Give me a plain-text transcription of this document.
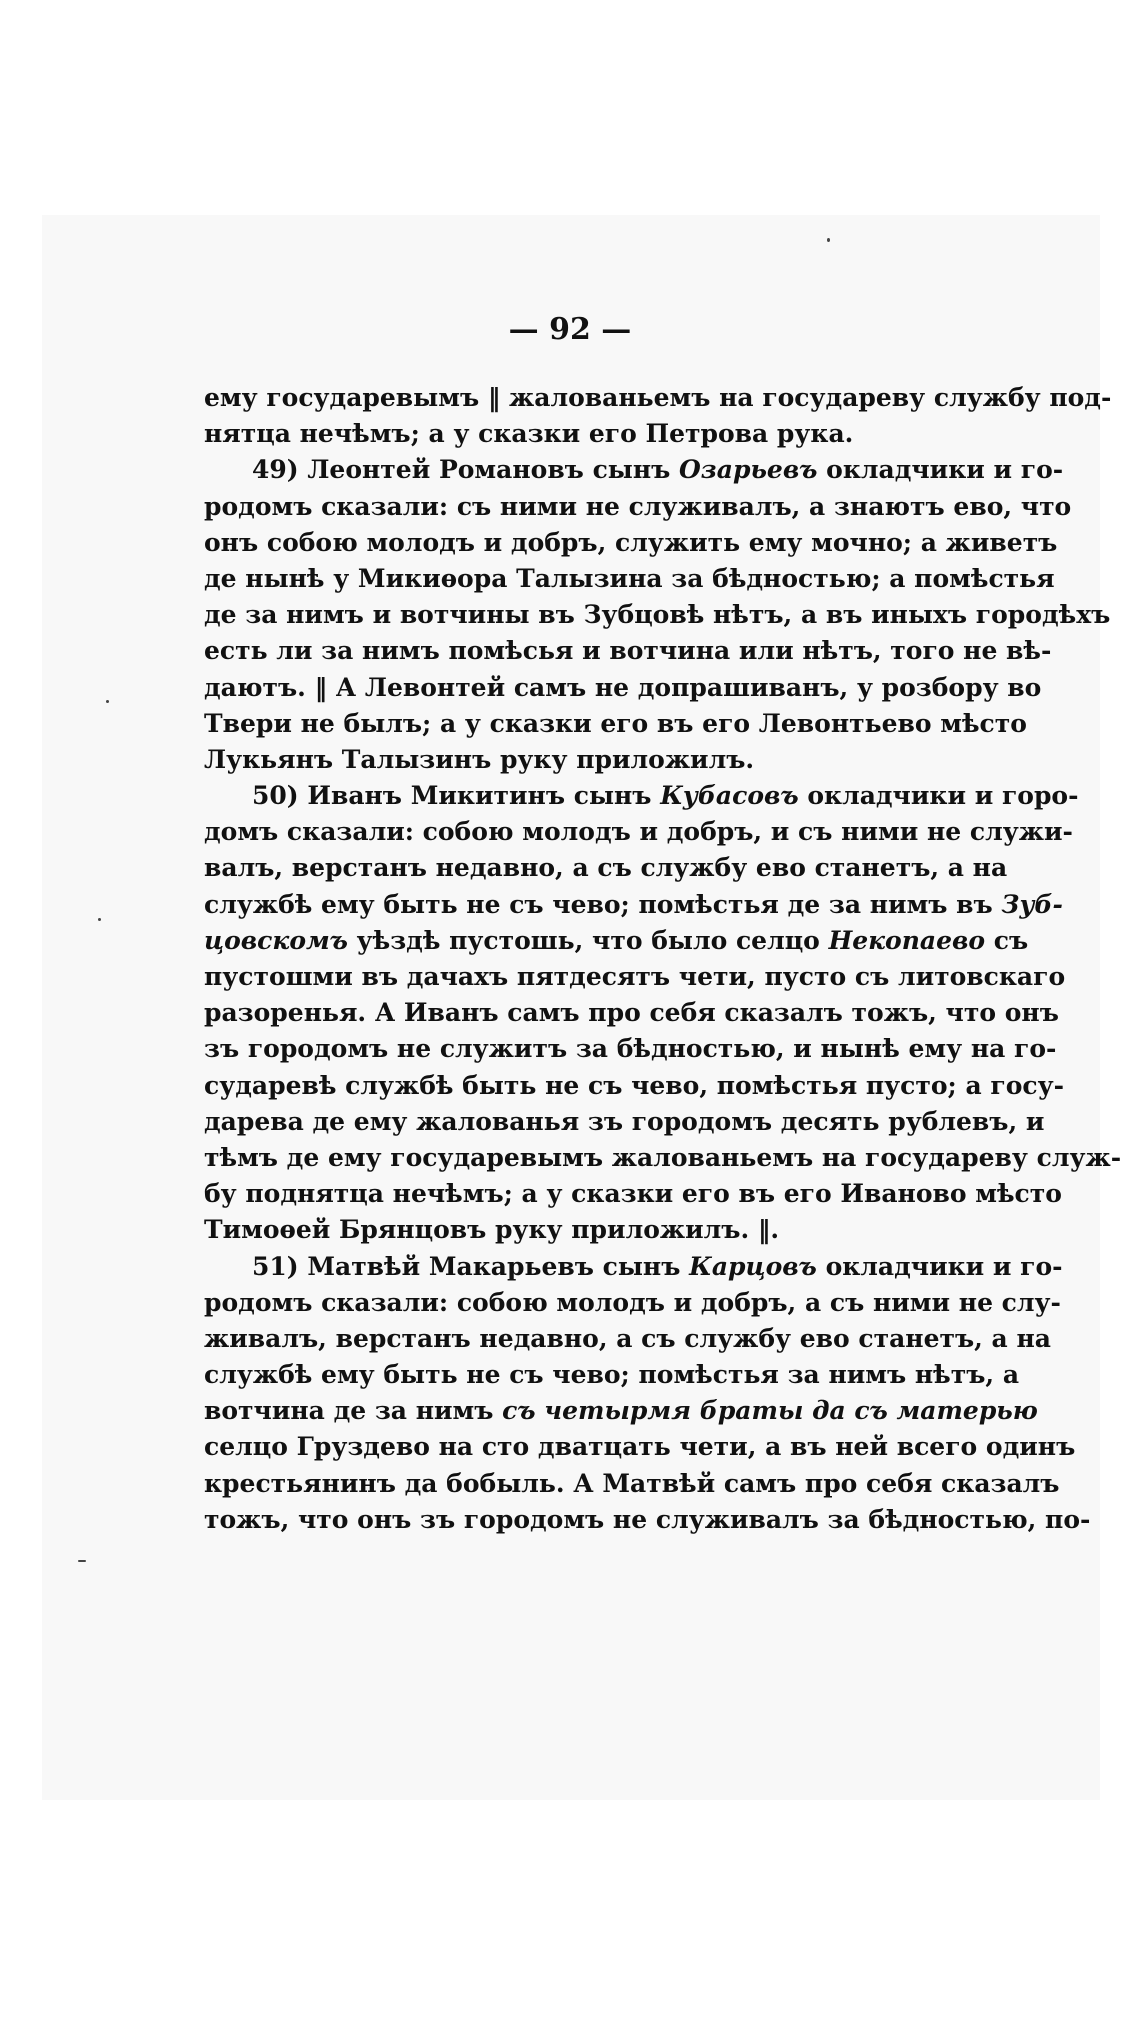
— 92 —
ему государевымъ ‖ жалованьемъ на государеву службу под-
нятца нечѣмъ; а у сказки его Петрова рука.
49) Леонтей Романовъ сынъ Озарьевъ окладчики и го-
родомъ сказали: съ ними не служивалъ, а знаютъ ево, что
онъ собою молодъ и добръ, служить ему мочно; а живетъ
де нынѣ у Микиѳора Талызина за бѣдностью; а помѣстья
де за нимъ и вотчины въ Зубцовѣ нѣтъ, а въ иныхъ городѣхъ
есть ли за нимъ помѣсья и вотчина или нѣтъ, того не вѣ-
даютъ. ‖ А Левонтей самъ не допрашиванъ, у розбору во
Твери не былъ; а у сказки его въ его Левонтьево мѣсто
Лукьянъ Талызинъ руку приложилъ.
50) Иванъ Микитинъ сынъ Кубасовъ окладчики и горо-
домъ сказали: собою молодъ и добръ, и съ ними не служи-
валъ, верстанъ недавно, а съ службу ево станетъ, а на
службѣ ему быть не съ чево; помѣстья де за нимъ въ Зуб-
цовскомъ уѣздѣ пустошь, что было селцо Некопаево съ
пустошми въ дачахъ пятдесятъ чети, пусто съ литовскаго
разоренья. А Иванъ самъ про себя сказалъ тожъ, что онъ
зъ городомъ не служитъ за бѣдностью, и нынѣ ему на го-
сударевѣ службѣ быть не съ чево, помѣстья пусто; а госу-
дарева де ему жалованья зъ городомъ десять рублевъ, и
тѣмъ де ему государевымъ жалованьемъ на государеву служ-
бу поднятца нечѣмъ; а у сказки его въ его Иваново мѣсто
Тимоѳей Брянцовъ руку приложилъ. ‖.
51) Матвѣй Макарьевъ сынъ Карцовъ окладчики и го-
родомъ сказали: собою молодъ и добръ, а съ ними не слу-
живалъ, верстанъ недавно, а съ службу ево станетъ, а на
службѣ ему быть не съ чево; помѣстья за нимъ нѣтъ, а
вотчина де за нимъ съ четырмя браты да съ матерью
селцо Груздево на сто дватцать чети, а въ ней всего одинъ
крестьянинъ да бобыль. А Матвѣй самъ про себя сказалъ
тожъ, что онъ зъ городомъ не служивалъ за бѣдностью, по-
